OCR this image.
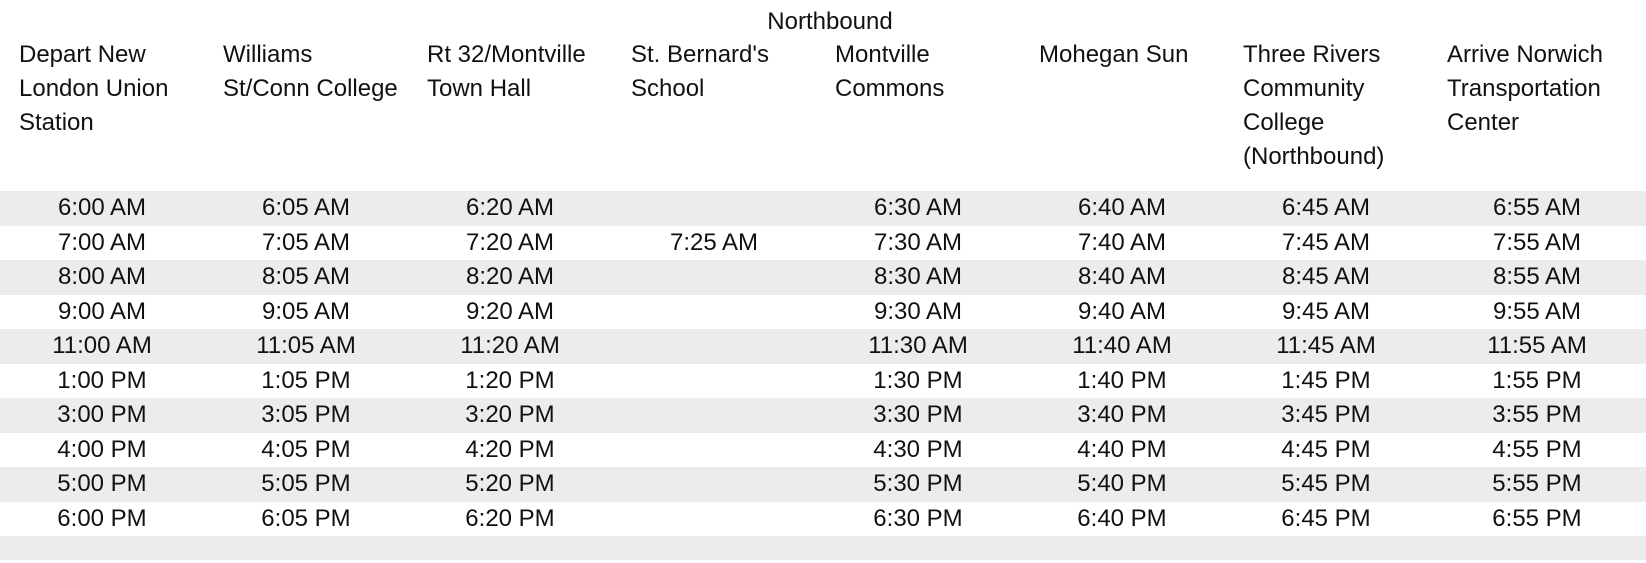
Northbound
Depart New London Union Station	Williams St/Conn College	Rt 32/Montville Town Hall	St. Bernard's School	Montville Commons	Mohegan Sun	Three Rivers Community College (Northbound)	Arrive Norwich Transportation Center
6:00 AM	6:05 AM	6:20 AM		6:30 AM	6:40 AM	6:45 AM	6:55 AM
7:00 AM	7:05 AM	7:20 AM	7:25 AM	7:30 AM	7:40 AM	7:45 AM	7:55 AM
8:00 AM	8:05 AM	8:20 AM		8:30 AM	8:40 AM	8:45 AM	8:55 AM
9:00 AM	9:05 AM	9:20 AM		9:30 AM	9:40 AM	9:45 AM	9:55 AM
11:00 AM	11:05 AM	11:20 AM		11:30 AM	11:40 AM	11:45 AM	11:55 AM
1:00 PM	1:05 PM	1:20 PM		1:30 PM	1:40 PM	1:45 PM	1:55 PM
3:00 PM	3:05 PM	3:20 PM		3:30 PM	3:40 PM	3:45 PM	3:55 PM
4:00 PM	4:05 PM	4:20 PM		4:30 PM	4:40 PM	4:45 PM	4:55 PM
5:00 PM	5:05 PM	5:20 PM		5:30 PM	5:40 PM	5:45 PM	5:55 PM
6:00 PM	6:05 PM	6:20 PM		6:30 PM	6:40 PM	6:45 PM	6:55 PM
